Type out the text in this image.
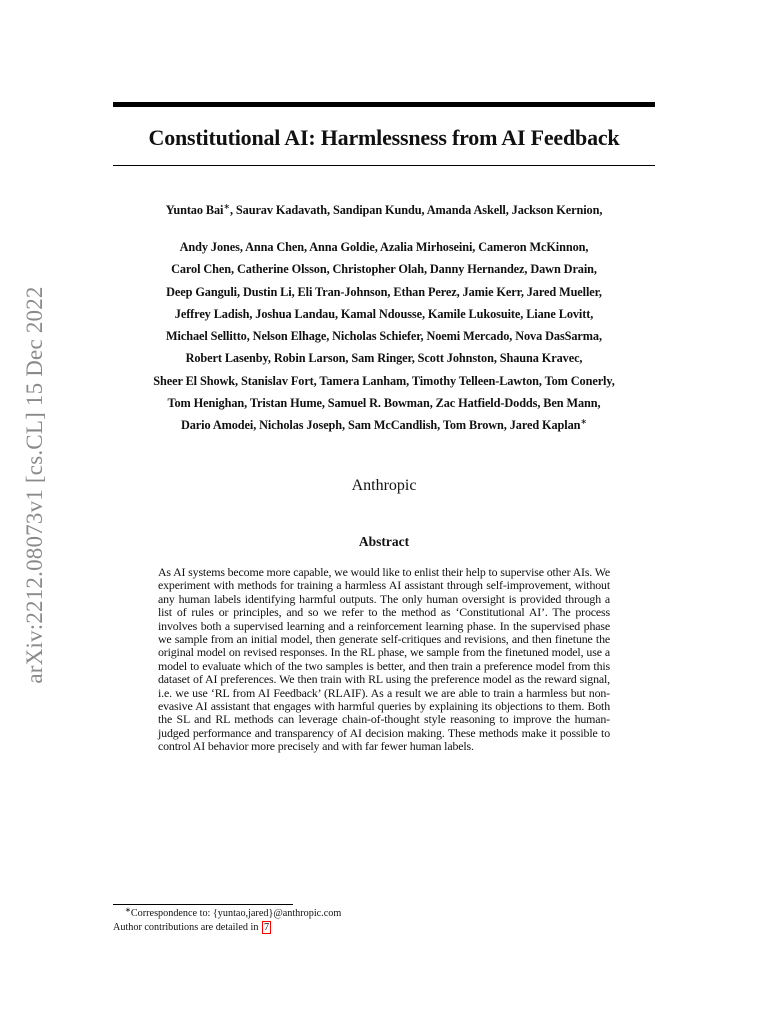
arXiv:2212.08073v1 [cs.CL] 15 Dec 2022
Constitutional AI: Harmlessness from AI Feedback
Yuntao Bai∗, Saurav Kadavath, Sandipan Kundu, Amanda Askell, Jackson Kernion,
Andy Jones, Anna Chen, Anna Goldie, Azalia Mirhoseini, Cameron McKinnon,
Carol Chen, Catherine Olsson, Christopher Olah, Danny Hernandez, Dawn Drain,
Deep Ganguli, Dustin Li, Eli Tran-Johnson, Ethan Perez, Jamie Kerr, Jared Mueller,
Jeffrey Ladish, Joshua Landau, Kamal Ndousse, Kamile Lukosuite, Liane Lovitt,
Michael Sellitto, Nelson Elhage, Nicholas Schiefer, Noemi Mercado, Nova DasSarma,
Robert Lasenby, Robin Larson, Sam Ringer, Scott Johnston, Shauna Kravec,
Sheer El Showk, Stanislav Fort, Tamera Lanham, Timothy Telleen-Lawton, Tom Conerly,
Tom Henighan, Tristan Hume, Samuel R. Bowman, Zac Hatfield-Dodds, Ben Mann,
Dario Amodei, Nicholas Joseph, Sam McCandlish, Tom Brown, Jared Kaplan∗
Anthropic
Abstract
As AI systems become more capable, we would like to enlist their help to supervise other AIs. We experiment with methods for training a harmless AI assistant through self-improvement, without any human labels identifying harmful outputs. The only human oversight is provided through a list of rules or principles, and so we refer to the method as ‘Constitutional AI’. The process involves both a supervised learning and a reinforcement learning phase. In the supervised phase we sample from an initial model, then generate self-critiques and revisions, and then finetune the original model on revised responses. In the RL phase, we sample from the finetuned model, use a model to evaluate which of the two samples is better, and then train a preference model from this dataset of AI preferences. We then train with RL using the preference model as the reward signal, i.e. we use ‘RL from AI Feedback’ (RLAIF). As a result we are able to train a harmless but non-evasive AI assistant that engages with harmful queries by explaining its objections to them. Both the SL and RL methods can leverage chain-of-thought style reasoning to improve the human-judged performance and transparency of AI decision making. These methods make it possible to control AI behavior more precisely and with far fewer human labels.
∗Correspondence to: {yuntao,jared}@anthropic.com
Author contributions are detailed in 7
